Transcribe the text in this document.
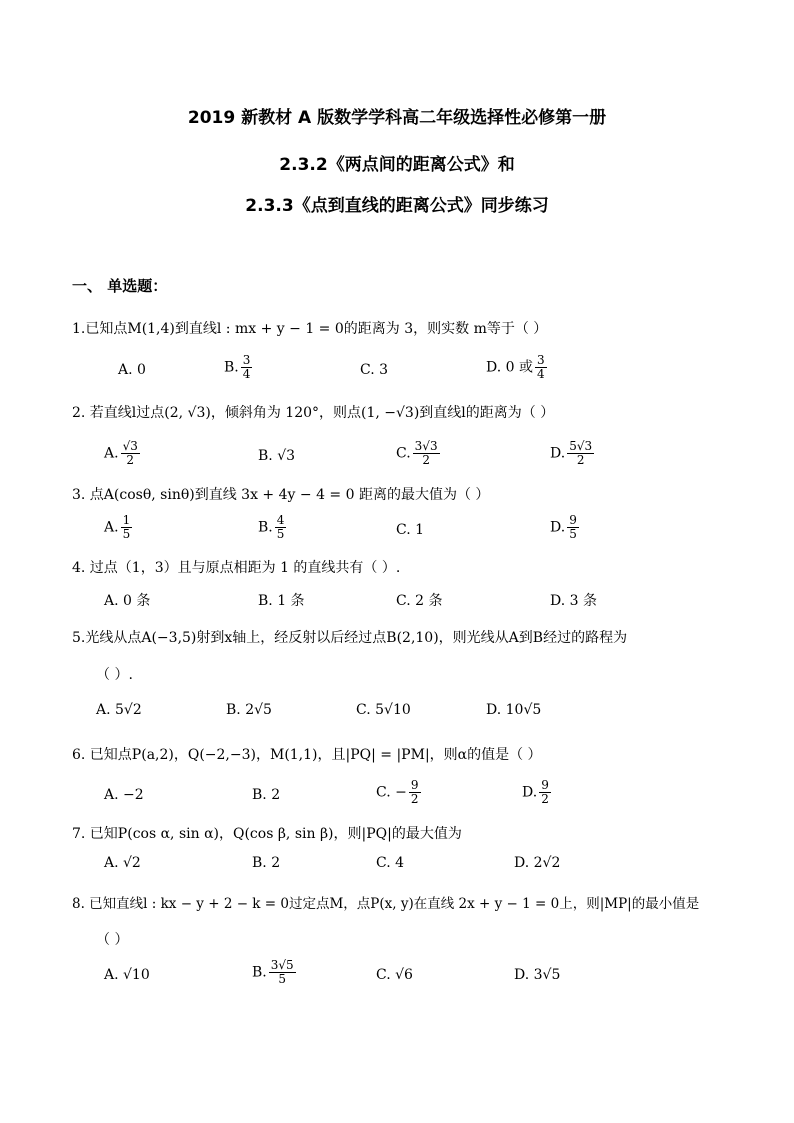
2019 新教材 A 版数学学科高二年级选择性必修第一册
2.3.2《两点间的距离公式》和
2.3.3《点到直线的距离公式》同步练习
一、 单选题：
1.已知点M(1,4)到直线l : mx + y − 1 = 0的距离为 3，则实数 m等于（ ）
A. 0	B. $\frac{3}{4}$	C. 3	D. 0 或 $\frac{3}{4}$
2. 若直线l过点(2, √3)，倾斜角为 120°，则点(1, −√3)到直线l的距离为（ ）
A. $\frac{√3}{2}$	B. √3	C. $\frac{3√3}{2}$	D. $\frac{5√3}{2}$
3. 点A(cosθ, sinθ)到直线 3x + 4y − 4 = 0 距离的最大值为（ ）
A. $\frac{1}{5}$	B. $\frac{4}{5}$	C. 1	D. $\frac{9}{5}$
4. 过点（1，3）且与原点相距为 1 的直线共有（ ）.
A. 0 条	B. 1 条	C. 2 条	D. 3 条
5.光线从点A(−3,5)射到x轴上，经反射以后经过点B(2,10)，则光线从A到B经过的路程为
（ ）.
A. 5√2	B. 2√5	C. 5√10	D. 10√5
6. 已知点P(a,2)，Q(−2,−3)，M(1,1)，且|PQ| = |PM|，则α的值是（ ）
A. −2	B. 2	C. − $\frac{9}{2}$	D. $\frac{9}{2}$
7. 已知P(cos α, sin α)，Q(cos β, sin β)，则|PQ|的最大值为
A. √2	B. 2	C. 4	D. 2√2
8. 已知直线l : kx − y + 2 − k = 0过定点M，点P(x, y)在直线 2x + y − 1 = 0上，则|MP|的最小值是
（ ）
A. √10	B. $\frac{3√5}{5}$	C. √6	D. 3√5
